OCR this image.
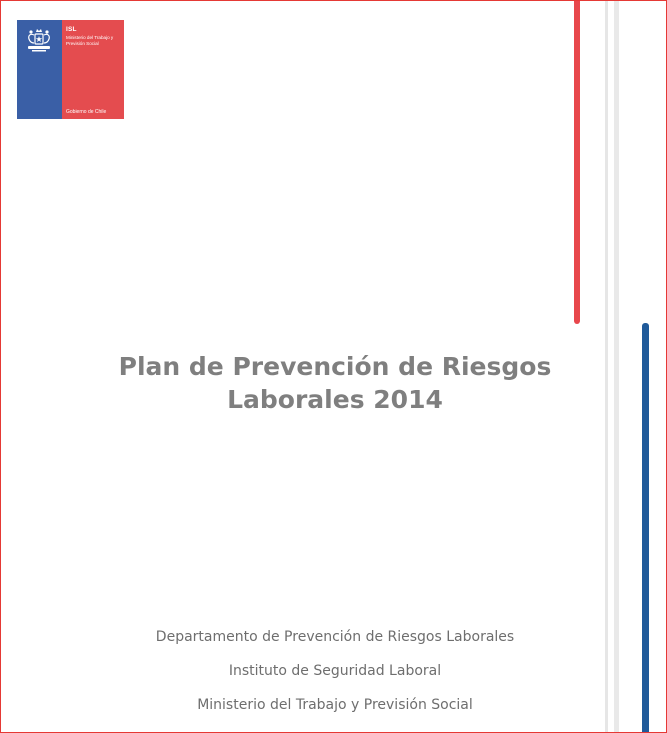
ISL
Ministerio del Trabajo y Previsión Social
Gobierno de Chile
Plan de Prevención de Riesgos
Laborales 2014
Departamento de Prevención de Riesgos Laborales
Instituto de Seguridad Laboral
Ministerio del Trabajo y Previsión Social
